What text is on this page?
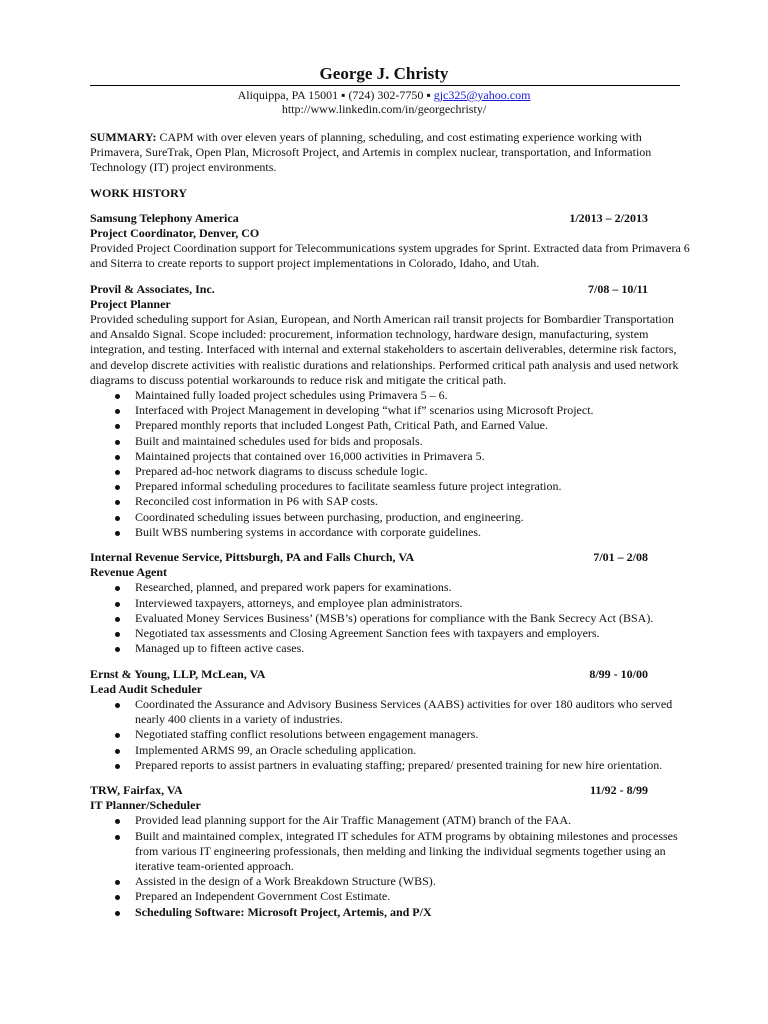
George J. Christy
Aliquippa, PA 15001 ▪ (724) 302-7750 ▪ gjc325@yahoo.com
http://www.linkedin.com/in/georgechristy/

SUMMARY: CAPM with over eleven years of planning, scheduling, and cost estimating experience working with Primavera, SureTrak, Open Plan, Microsoft Project, and Artemis in complex nuclear, transportation, and Information Technology (IT) project environments.

WORK HISTORY
Samsung Telephony America	1/2013 – 2/2013
Project Coordinator, Denver, CO

Provided Project Coordination support for Telecommunications system upgrades for Sprint. Extracted data from Primavera 6 and Siterra to create reports to support project implementations in Colorado, Idaho, and Utah.

Provil & Associates, Inc.	7/08 – 10/11
Project Planner

Provided scheduling support for Asian, European, and North American rail transit projects for Bombardier Transportation and Ansaldo Signal. Scope included: procurement, information technology, hardware design, manufacturing, system integration, and testing. Interfaced with internal and external stakeholders to ascertain deliverables, determine risk factors, and develop discrete activities with realistic durations and relationships. Performed critical path analysis and used network diagrams to discuss potential workarounds to reduce risk and mitigate the critical path.

Maintained fully loaded project schedules using Primavera 5 – 6.
Interfaced with Project Management in developing “what if” scenarios using Microsoft Project.
Prepared monthly reports that included Longest Path, Critical Path, and Earned Value.
Built and maintained schedules used for bids and proposals.
Maintained projects that contained over 16,000 activities in Primavera 5.
Prepared ad-hoc network diagrams to discuss schedule logic.
Prepared informal scheduling procedures to facilitate seamless future project integration.
Reconciled cost information in P6 with SAP costs.
Coordinated scheduling issues between purchasing, production, and engineering.
Built WBS numbering systems in accordance with corporate guidelines.
Internal Revenue Service, Pittsburgh, PA and Falls Church, VA	7/01 – 2/08
Revenue Agent
Researched, planned, and prepared work papers for examinations.
Interviewed taxpayers, attorneys, and employee plan administrators.
Evaluated Money Services Business’ (MSB’s) operations for compliance with the Bank Secrecy Act (BSA).
Negotiated tax assessments and Closing Agreement Sanction fees with taxpayers and employers.
Managed up to fifteen active cases.
Ernst & Young, LLP, McLean, VA	8/99 - 10/00
Lead Audit Scheduler
Coordinated the Assurance and Advisory Business Services (AABS) activities for over 180 auditors who served nearly 400 clients in a variety of industries.
Negotiated staffing conflict resolutions between engagement managers.
Implemented ARMS 99, an Oracle scheduling application.
Prepared reports to assist partners in evaluating staffing; prepared/ presented training for new hire orientation.
TRW, Fairfax, VA	11/92 - 8/99
IT Planner/Scheduler
Provided lead planning support for the Air Traffic Management (ATM) branch of the FAA.
Built and maintained complex, integrated IT schedules for ATM programs by obtaining milestones and processes from various IT engineering professionals, then melding and linking the individual segments together using an iterative team-oriented approach.
Assisted in the design of a Work Breakdown Structure (WBS).
Prepared an Independent Government Cost Estimate.
Scheduling Software: Microsoft Project, Artemis, and P/X
